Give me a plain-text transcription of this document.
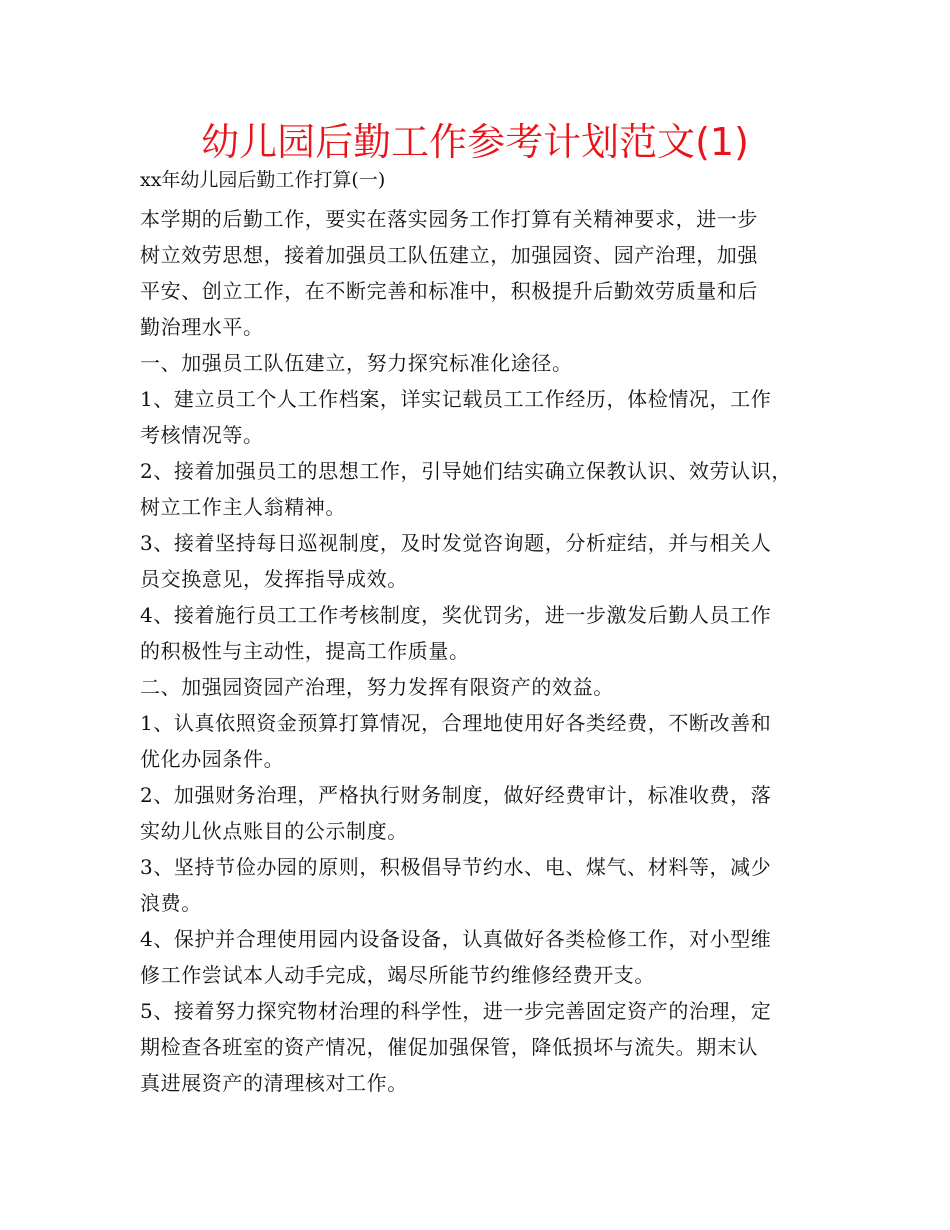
幼儿园后勤工作参考计划范文(1)
xx年幼儿园后勤工作打算(一)
本学期的后勤工作，要实在落实园务工作打算有关精神要求，进一步
树立效劳思想，接着加强员工队伍建立，加强园资、园产治理，加强
平安、创立工作，在不断完善和标准中，积极提升后勤效劳质量和后
勤治理水平。
一、加强员工队伍建立，努力探究标准化途径。
1、建立员工个人工作档案，详实记载员工工作经历，体检情况，工作
考核情况等。
2、接着加强员工的思想工作，引导她们结实确立保教认识、效劳认识，
树立工作主人翁精神。
3、接着坚持每日巡视制度，及时发觉咨询题，分析症结，并与相关人
员交换意见，发挥指导成效。
4、接着施行员工工作考核制度，奖优罚劣，进一步激发后勤人员工作
的积极性与主动性，提高工作质量。
二、加强园资园产治理，努力发挥有限资产的效益。
1、认真依照资金预算打算情况，合理地使用好各类经费，不断改善和
优化办园条件。
2、加强财务治理，严格执行财务制度，做好经费审计，标准收费，落
实幼儿伙点账目的公示制度。
3、坚持节俭办园的原则，积极倡导节约水、电、煤气、材料等，减少
浪费。
4、保护并合理使用园内设备设备，认真做好各类检修工作，对小型维
修工作尝试本人动手完成，竭尽所能节约维修经费开支。
5、接着努力探究物材治理的科学性，进一步完善固定资产的治理，定
期检查各班室的资产情况，催促加强保管，降低损坏与流失。期末认
真进展资产的清理核对工作。
